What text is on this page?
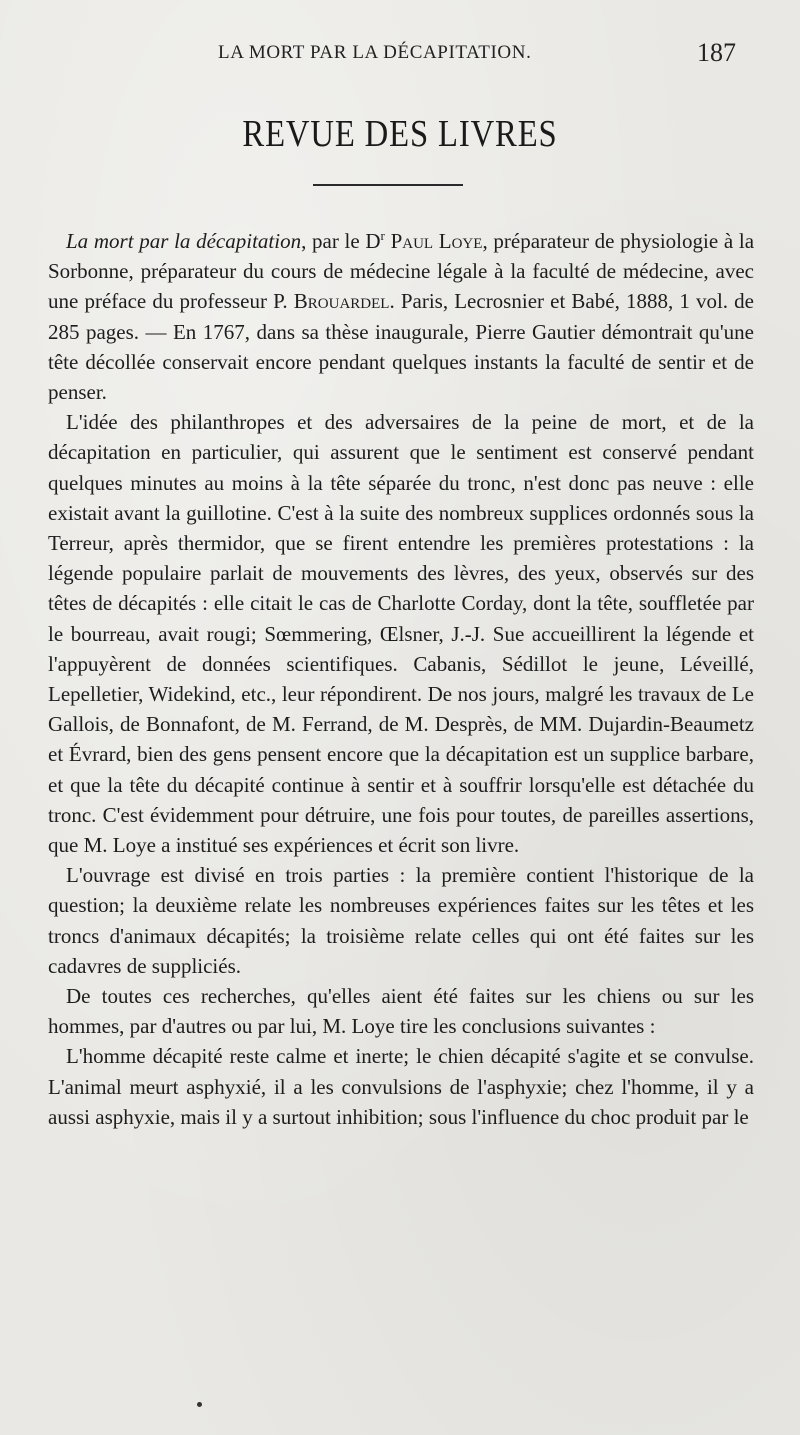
LA MORT PAR LA DÉCAPITATION.	187
REVUE DES LIVRES

La mort par la décapitation, par le $D^r$ Paul Loye, préparateur de physiologie à la Sorbonne, préparateur du cours de médecine légale à la faculté de médecine, avec une préface du professeur P. Brouardel. Paris, Lecrosnier et Babé, 1888, 1 vol. de 285 pages. — En 1767, dans sa thèse inaugurale, Pierre Gautier démontrait qu'une tête décollée conservait encore pendant quelques instants la faculté de sentir et de penser.

L'idée des philanthropes et des adversaires de la peine de mort, et de la décapitation en particulier, qui assurent que le sentiment est conservé pendant quelques minutes au moins à la tête séparée du tronc, n'est donc pas neuve : elle existait avant la guillotine. C'est à la suite des nombreux supplices ordonnés sous la Terreur, après thermidor, que se firent entendre les premières protestations : la légende populaire parlait de mouvements des lèvres, des yeux, observés sur des têtes de décapités : elle citait le cas de Charlotte Corday, dont la tête, souffletée par le bourreau, avait rougi; Sœmmering, Œlsner, J.-J. Sue accueillirent la légende et l'appuyèrent de données scientifiques. Cabanis, Sédillot le jeune, Léveillé, Lepelletier, Widekind, etc., leur répondirent. De nos jours, malgré les travaux de Le Gallois, de Bonnafont, de M. Ferrand, de M. Desprès, de MM. Dujardin-Beaumetz et Évrard, bien des gens pensent encore que la décapitation est un supplice barbare, et que la tête du décapité continue à sentir et à souffrir lorsqu'elle est détachée du tronc. C'est évidemment pour détruire, une fois pour toutes, de pareilles assertions, que M. Loye a institué ses expériences et écrit son livre.

L'ouvrage est divisé en trois parties : la première contient l'historique de la question; la deuxième relate les nombreuses expériences faites sur les têtes et les troncs d'animaux décapités; la troisième relate celles qui ont été faites sur les cadavres de suppliciés.

De toutes ces recherches, qu'elles aient été faites sur les chiens ou sur les hommes, par d'autres ou par lui, M. Loye tire les conclusions suivantes :

L'homme décapité reste calme et inerte; le chien décapité s'agite et se convulse. L'animal meurt asphyxié, il a les convulsions de l'asphyxie; chez l'homme, il y a aussi asphyxie, mais il y a surtout inhibition; sous l'influence du choc produit par le
